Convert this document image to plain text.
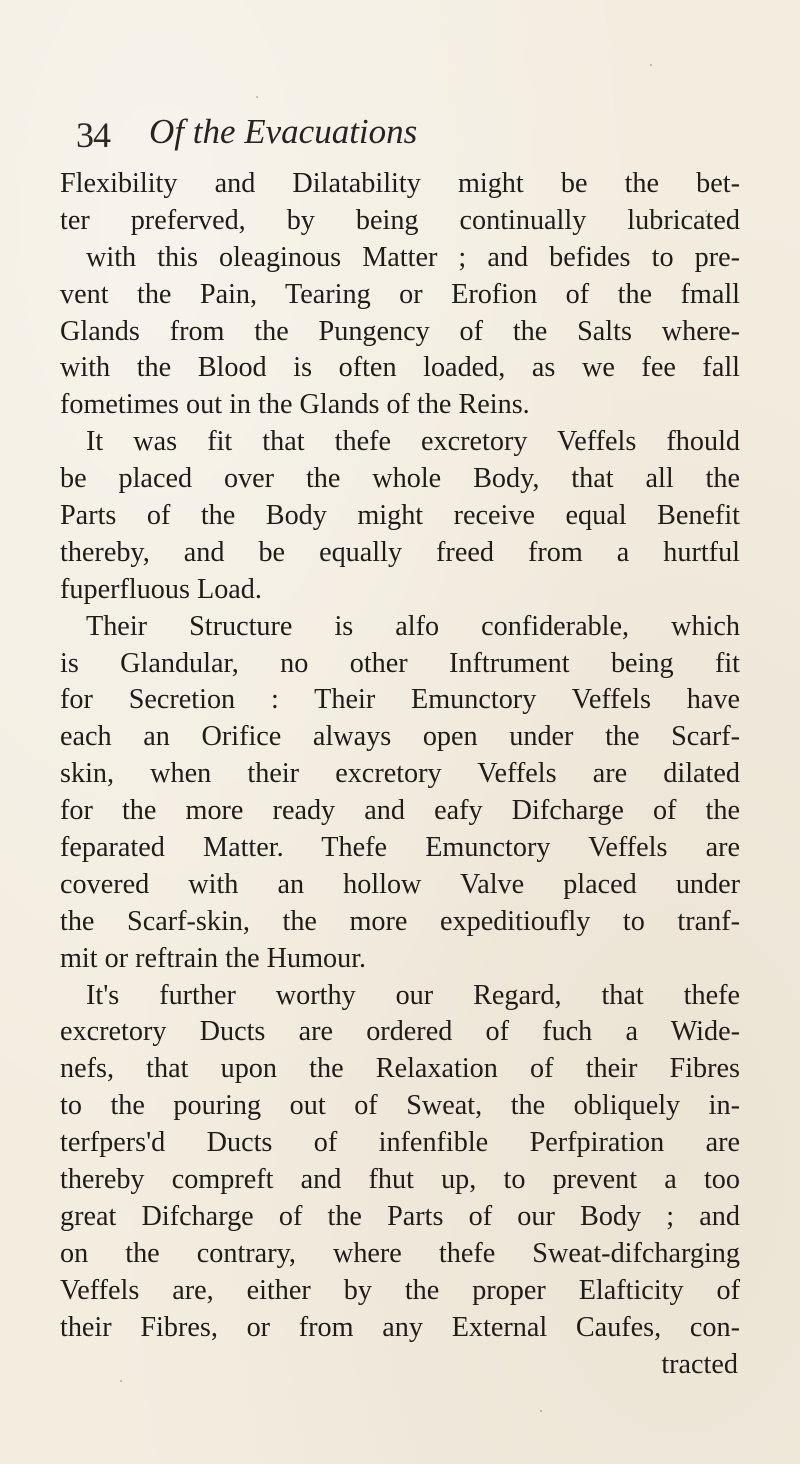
34 Of the Evacuations
Flexibility and Dilatability might be the bet-
ter preferved, by being continually lubricated
with this oleaginous Matter ; and befides to pre-
vent the Pain, Tearing or Erofion of the fmall
Glands from the Pungency of the Salts where-
with the Blood is often loaded, as we fee fall
fometimes out in the Glands of the Reins.
It was fit that thefe excretory Veffels fhould
be placed over the whole Body, that all the
Parts of the Body might receive equal Benefit
thereby, and be equally freed from a hurtful
fuperfluous Load.
Their Structure is alfo confiderable, which
is Glandular, no other Inftrument being fit
for Secretion : Their Emunctory Veffels have
each an Orifice always open under the Scarf-
skin, when their excretory Veffels are dilated
for the more ready and eafy Difcharge of the
feparated Matter. Thefe Emunctory Veffels are
covered with an hollow Valve placed under
the Scarf-skin, the more expeditioufly to tranf-
mit or reftrain the Humour.
It's further worthy our Regard, that thefe
excretory Ducts are ordered of fuch a Wide-
nefs, that upon the Relaxation of their Fibres
to the pouring out of Sweat, the obliquely in-
terfpers'd Ducts of infenfible Perfpiration are
thereby compreft and fhut up, to prevent a too
great Difcharge of the Parts of our Body ; and
on the contrary, where thefe Sweat-difcharging
Veffels are, either by the proper Elafticity of
their Fibres, or from any External Caufes, con-
tracted
